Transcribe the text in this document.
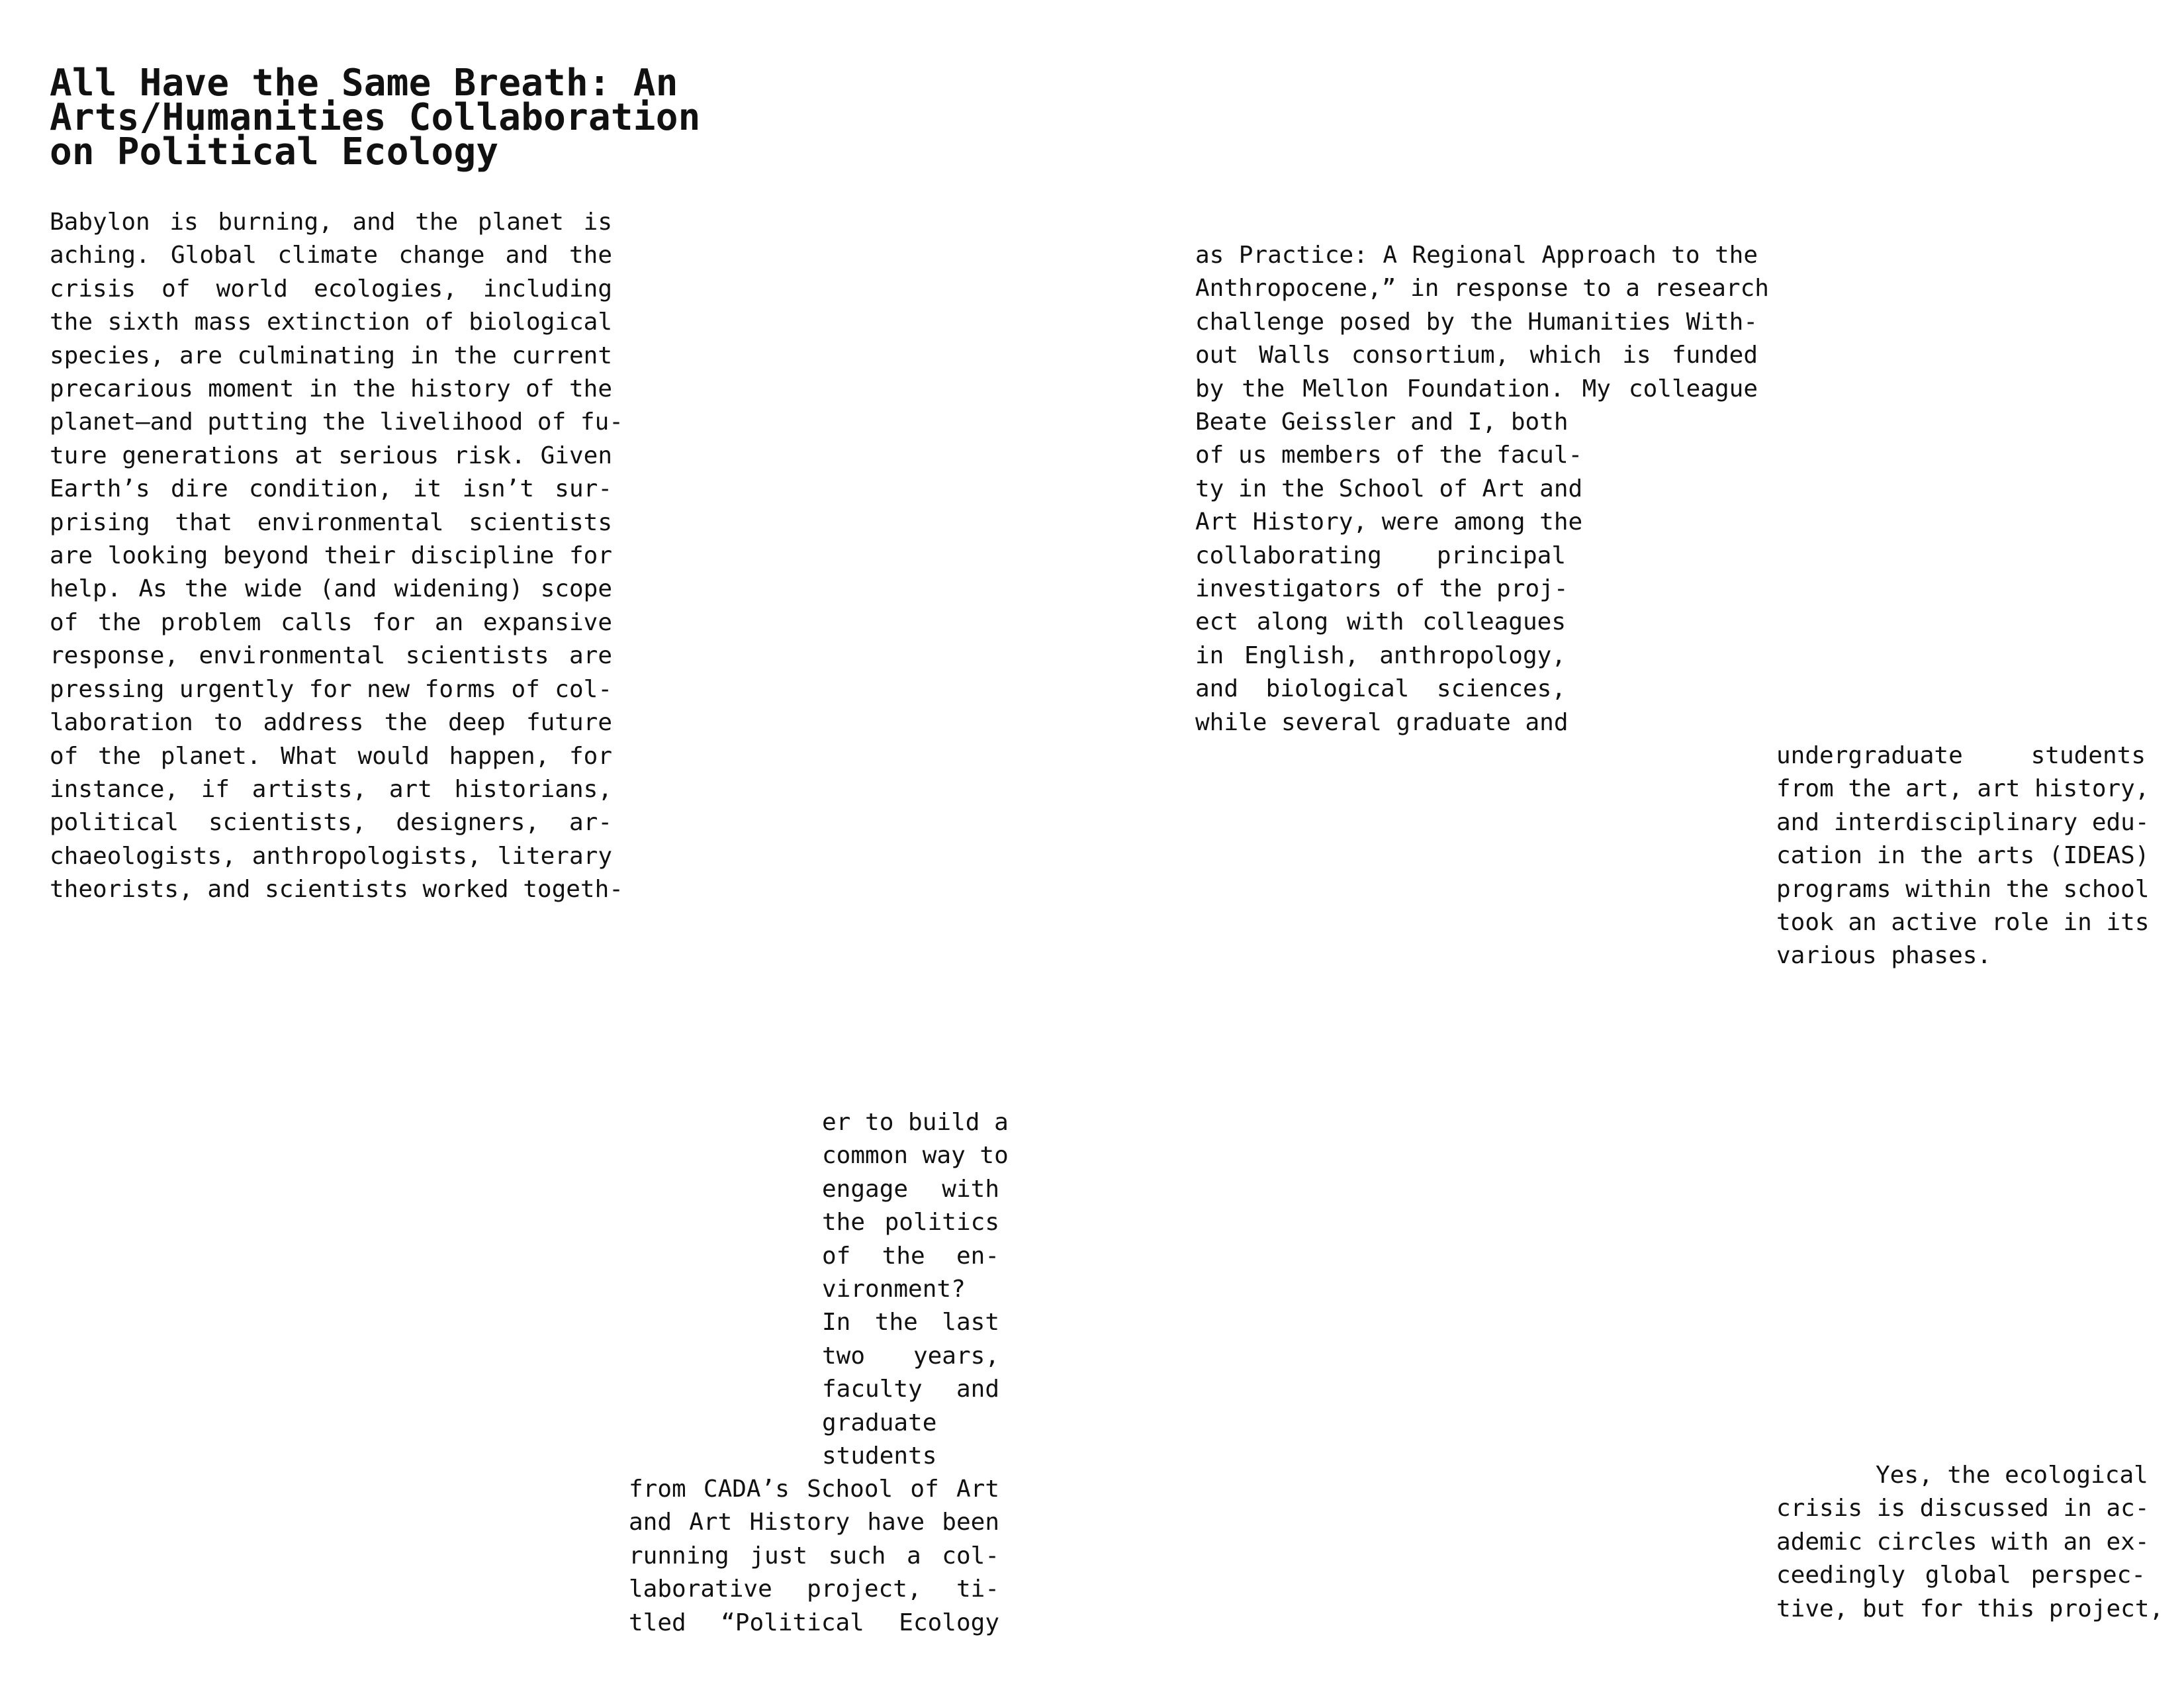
All Have the Same Breath: An
Arts/Humanities Collaboration
on Political Ecology
Babylon is burning, and the planet is
aching. Global climate change and the
crisis of world ecologies, including
the sixth mass extinction of biological
species, are culminating in the current
precarious moment in the history of the
planet—and putting the livelihood of fu-
ture generations at serious risk. Given
Earth’s dire condition, it isn’t sur-
prising that environmental scientists
are looking beyond their discipline for
help. As the wide (and widening) scope
of the problem calls for an expansive
response, environmental scientists are
pressing urgently for new forms of col-
laboration to address the deep future
of the planet. What would happen, for
instance, if artists, art historians,
political scientists, designers, ar-
chaeologists, anthropologists, literary
theorists, and scientists worked togeth-
as Practice: A Regional Approach to the
Anthropocene,” in response to a research
challenge posed by the Humanities With-
out Walls consortium, which is funded
by the Mellon Foundation. My colleague
Beate Geissler and I, both
of us members of the facul-
ty in the School of Art and
Art History, were among the
collaborating principal
investigators of the proj-
ect along with colleagues
in English, anthropology,
and biological sciences,
while several graduate and
undergraduate students
from the art, art history,
and interdisciplinary edu-
cation in the arts (IDEAS)
programs within the school
took an active role in its
various phases.
er to build a
common way to
engage with
the politics
of the en-
vironment?
In the last
two years,
faculty and
graduate
students
from CADA’s School of Art
and Art History have been
running just such a col-
laborative project, ti-
tled “Political Ecology
Yes, the ecological
crisis is discussed in ac-
ademic circles with an ex-
ceedingly global perspec-
tive, but for this project,
